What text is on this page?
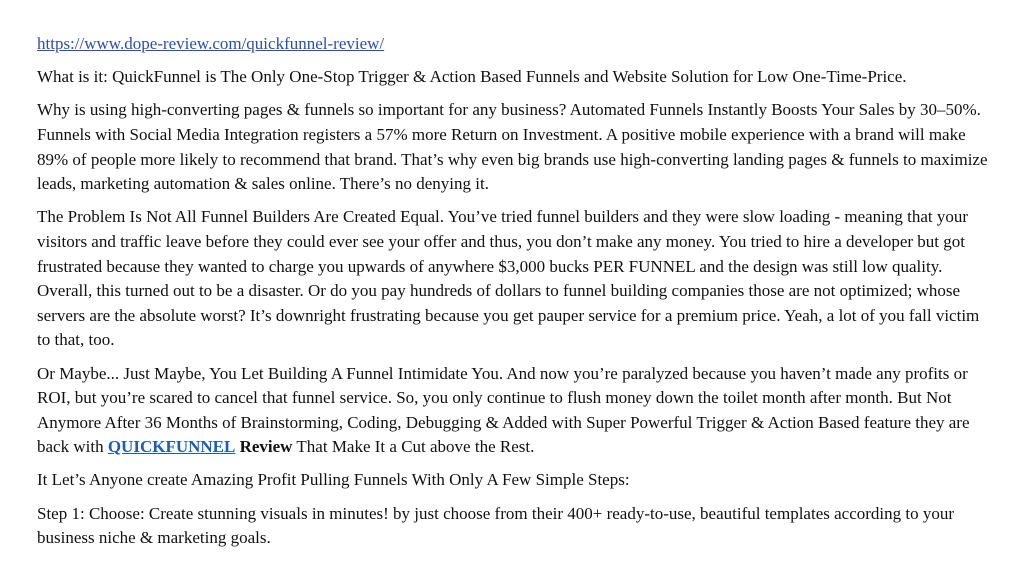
https://www.dope-review.com/quickfunnel-review/

What is it: QuickFunnel is The Only One-Stop Trigger & Action Based Funnels and Website Solution for Low One-Time-Price.

Why is using high-converting pages & funnels so important for any business? Automated Funnels Instantly Boosts Your Sales by 30–50%. Funnels with Social Media Integration registers a 57% more Return on Investment. A positive mobile experience with a brand will make 89% of people more likely to recommend that brand. That’s why even big brands use high-converting landing pages & funnels to maximize leads, marketing automation & sales online. There’s no denying it.

The Problem Is Not All Funnel Builders Are Created Equal. You’ve tried funnel builders and they were slow loading - meaning that your visitors and traffic leave before they could ever see your offer and thus, you don’t make any money. You tried to hire a developer but got frustrated because they wanted to charge you upwards of anywhere $3,000 bucks PER FUNNEL and the design was still low quality. Overall, this turned out to be a disaster. Or do you pay hundreds of dollars to funnel building companies those are not optimized; whose servers are the absolute worst? It’s downright frustrating because you get pauper service for a premium price. Yeah, a lot of you fall victim to that, too.

Or Maybe... Just Maybe, You Let Building A Funnel Intimidate You. And now you’re paralyzed because you haven’t made any profits or ROI, but you’re scared to cancel that funnel service. So, you only continue to flush money down the toilet month after month. But Not Anymore After 36 Months of Brainstorming, Coding, Debugging & Added with Super Powerful Trigger & Action Based feature they are back with QUICKFUNNEL Review That Make It a Cut above the Rest.

It Let’s Anyone create Amazing Profit Pulling Funnels With Only A Few Simple Steps:

Step 1: Choose: Create stunning visuals in minutes! by just choose from their 400+ ready-to-use, beautiful templates according to your business niche & marketing goals.
